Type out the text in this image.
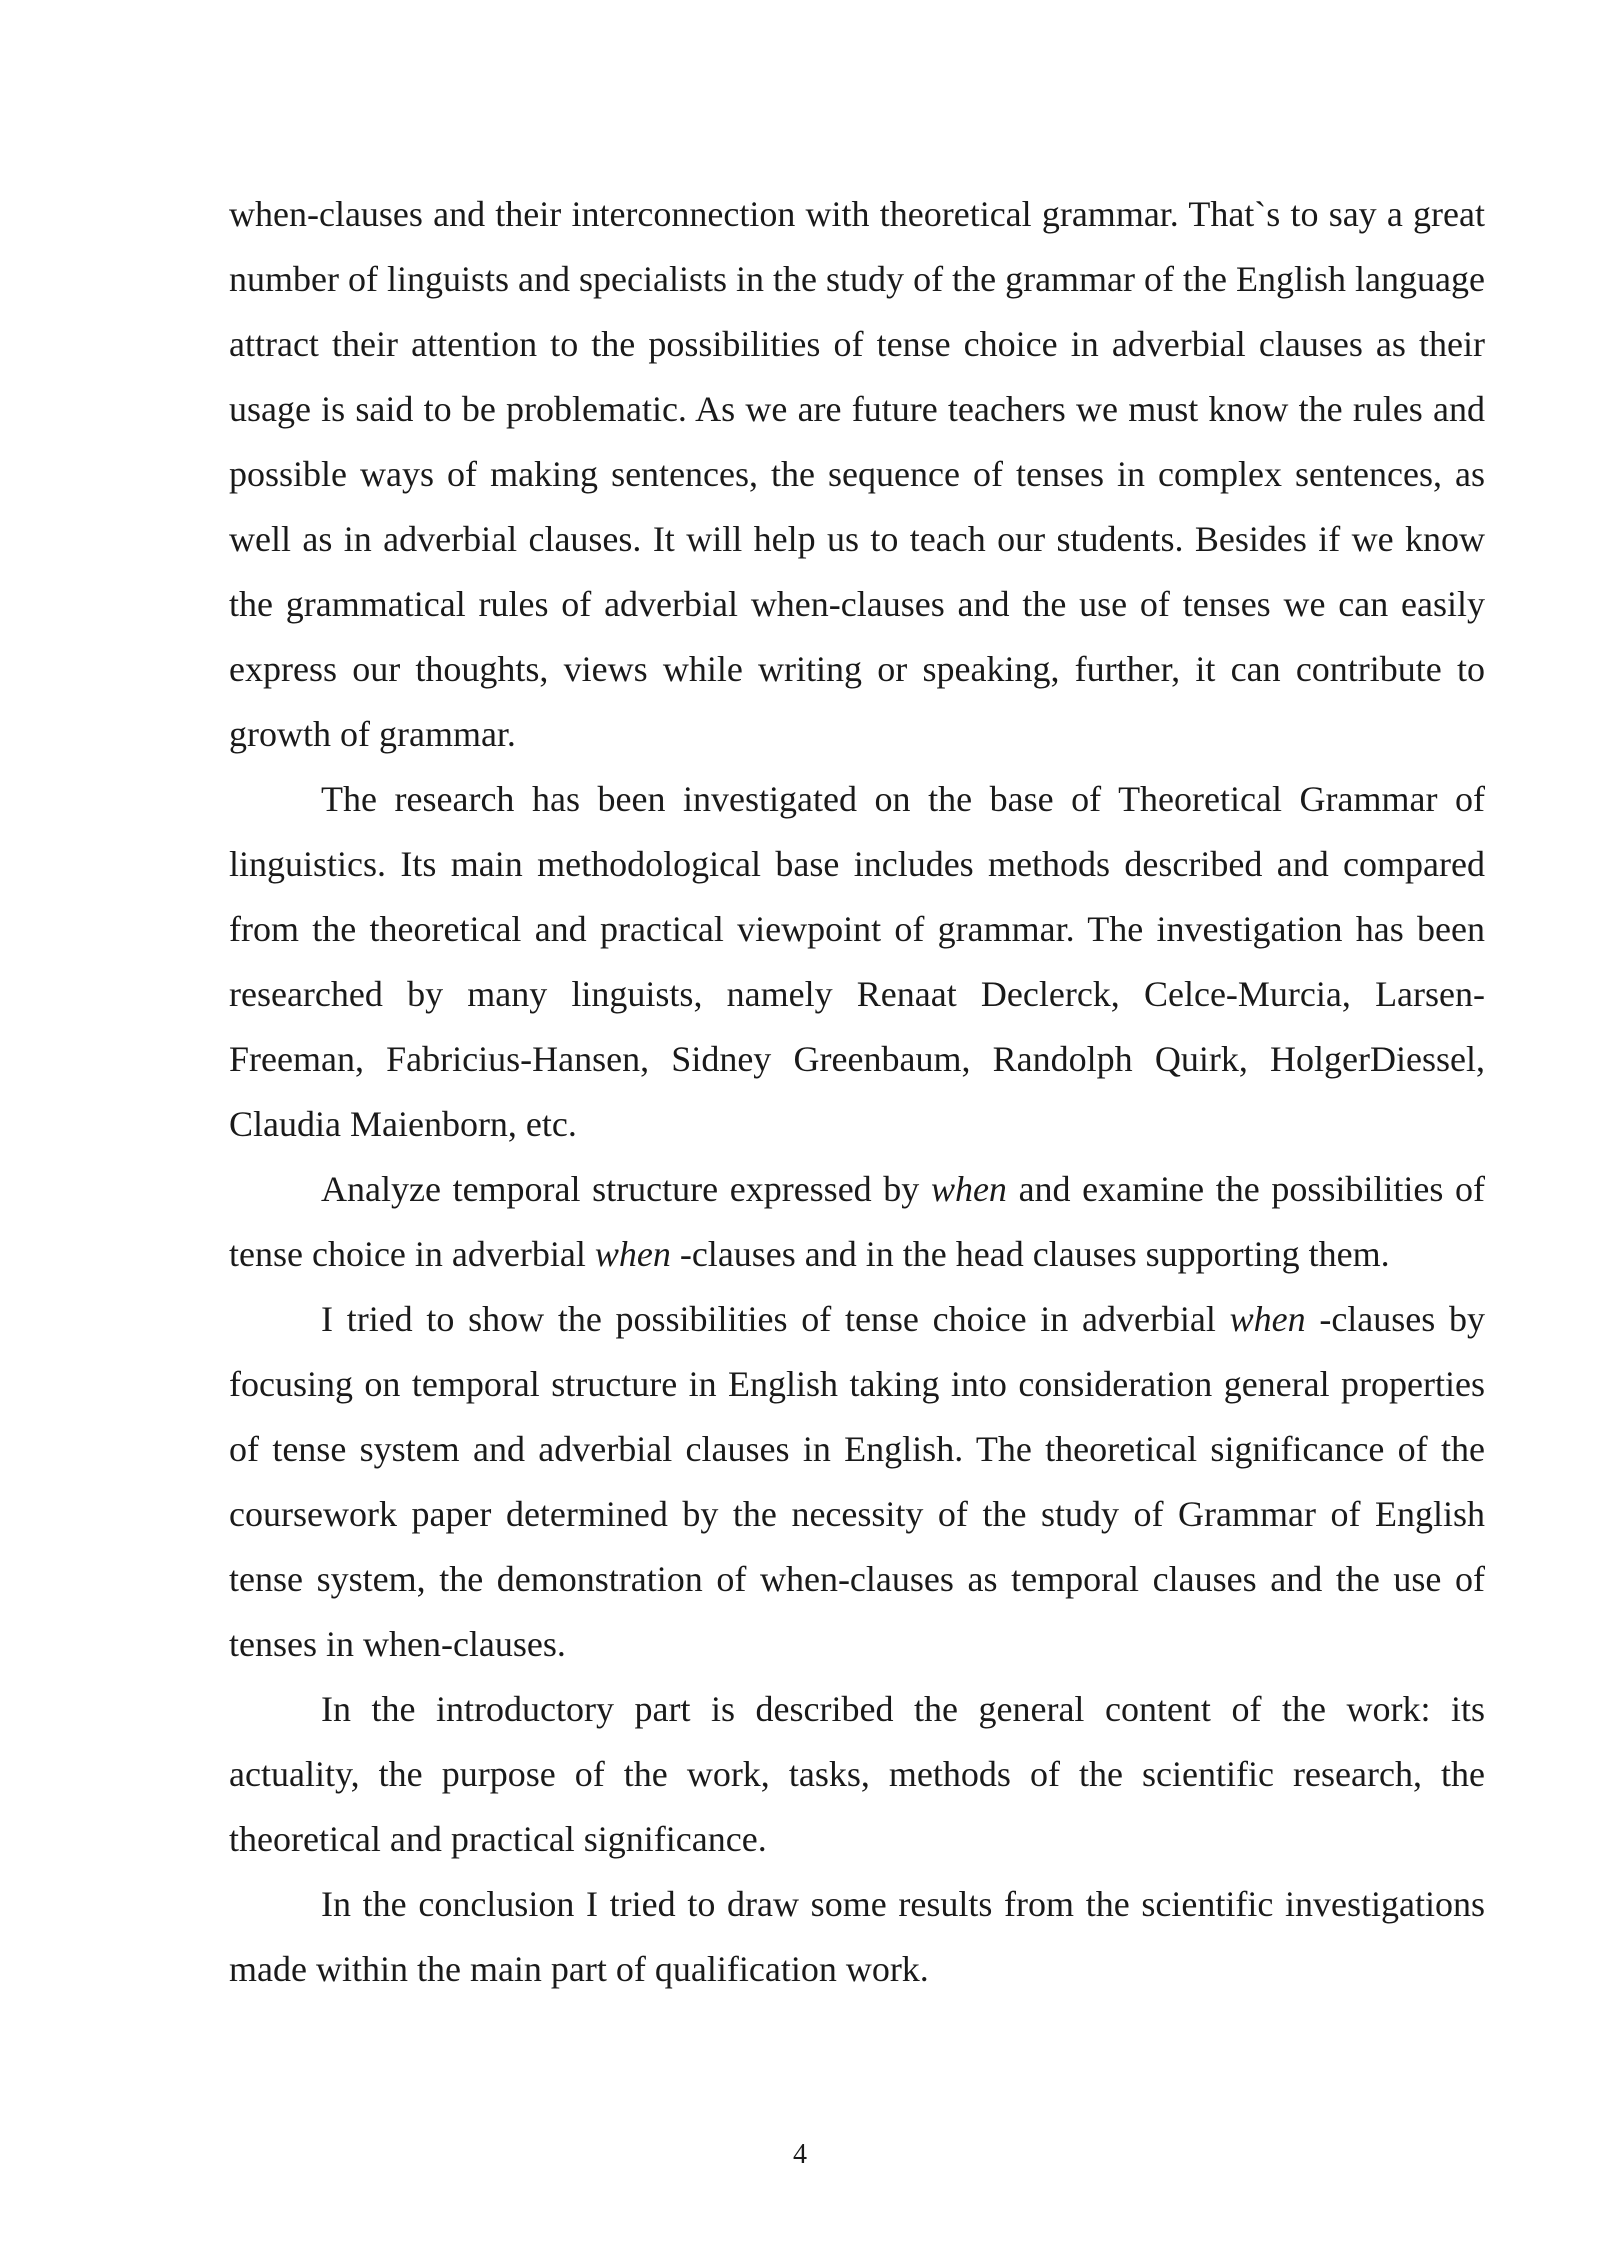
when-clauses and their interconnection with theoretical grammar. That`s to say a great number of linguists and specialists in the study of the grammar of the English language attract their attention to the possibilities of tense choice in adverbial clauses as their usage is said to be problematic. As we are future teachers we must know the rules and possible ways of making sentences, the sequence of tenses in complex sentences, as well as in adverbial clauses. It will help us to teach our students. Besides if we know the grammatical rules of adverbial when-clauses and the use of tenses we can easily express our thoughts, views while writing or speaking, further, it can contribute to growth of grammar.

The research has been investigated on the base of Theoretical Grammar of linguistics. Its main methodological base includes methods described and compared from the theoretical and practical viewpoint of grammar. The investigation has been researched by many linguists, namely Renaat Declerck, Celce-Murcia, Larsen-Freeman, Fabricius-Hansen, Sidney Greenbaum, Randolph Quirk, HolgerDiessel, Claudia Maienborn, etc.

Analyze temporal structure expressed by when and examine the possibilities of tense choice in adverbial when -clauses and in the head clauses supporting them.

I tried to show the possibilities of tense choice in adverbial when -clauses by focusing on temporal structure in English taking into consideration general properties of tense system and adverbial clauses in English. The theoretical significance of the coursework paper determined by the necessity of the study of Grammar of English tense system, the demonstration of when-clauses as temporal clauses and the use of tenses in when-clauses.

In the introductory part is described the general content of the work: its actuality, the purpose of the work, tasks, methods of the scientific research, the theoretical and practical significance.

In the conclusion I tried to draw some results from the scientific investigations made within the main part of qualification work.

4
